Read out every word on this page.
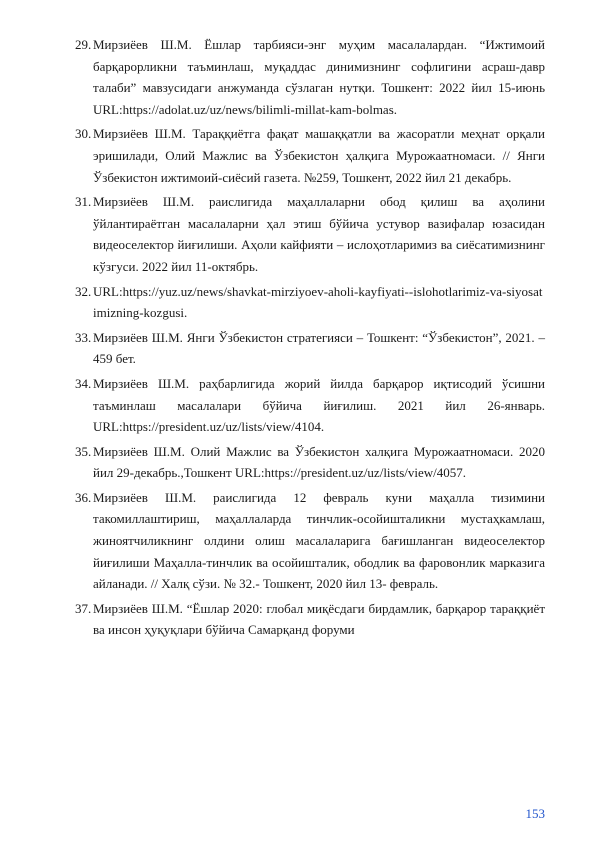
29. Мирзиёев Ш.М. Ёшлар тарбияси-энг муҳим масалалардан. “Ижтимоий барқарорликни таъминлаш, муқаддас динимизнинг софлигини асраш-давр талаби” мавзусидаги анжуманда сўзлаган нутқи. Тошкент: 2022 йил 15-июнь URL:https://adolat.uz/uz/news/bilimli-millat-kam-bolmas.
30. Мирзиёев Ш.М. Тараққиётга фақат машаққатли ва жасоратли меҳнат орқали эришилади, Олий Мажлис ва Ўзбекистон ҳалқига Мурожаатномаси. // Янги Ўзбекистон ижтимоий-сиёсий газета. №259, Тошкент, 2022 йил 21 декабрь.
31. Мирзиёев Ш.М. раислигида маҳаллаларни обод қилиш ва аҳолини ўйлантираётган масалаларни ҳал этиш бўйича устувор вазифалар юзасидан видеоселектор йиғилиши. Аҳоли кайфияти – ислоҳотларимиз ва сиёсатимизнинг кўзгуси. 2022 йил 11-октябрь.
32. URL:https://yuz.uz/news/shavkat-mirziyoev-aholi-kayfiyati--islohotlarimiz-va-siyosatimizning-kozgusi.
33. Мирзиёев Ш.М. Янги Ўзбекистон стратегияси – Тошкент: “Ўзбекистон”, 2021. – 459 бет.
34. Мирзиёев Ш.М. раҳбарлигида жорий йилда барқарор иқтисодий ўсишни таъминлаш масалалари бўйича йиғилиш. 2021 йил 26-январь. URL:https://president.uz/uz/lists/view/4104.
35. Мирзиёев Ш.М. Олий Мажлис ва Ўзбекистон халқига Мурожаатномаси. 2020 йил 29-декабрь.,Тошкент URL:https://president.uz/uz/lists/view/4057.
36. Мирзиёев Ш.М. раислигида 12 февраль куни маҳалла тизимини такомиллаштириш, маҳаллаларда тинчлик-осойишталикни мустаҳкамлаш, жиноятчиликнинг олдини олиш масалаларига бағишланган видеоселектор йиғилиши Маҳалла-тинчлик ва осойишталик, ободлик ва фаровонлик марказига айланади. // Халқ сўзи. № 32.- Тошкент, 2020 йил 13- февраль.
37. Мирзиёев Ш.М. “Ёшлар 2020: глобал миқёсдаги бирдамлик, барқарор тараққиёт ва инсон ҳуқуқлари бўйича Самарқанд форуми
153
